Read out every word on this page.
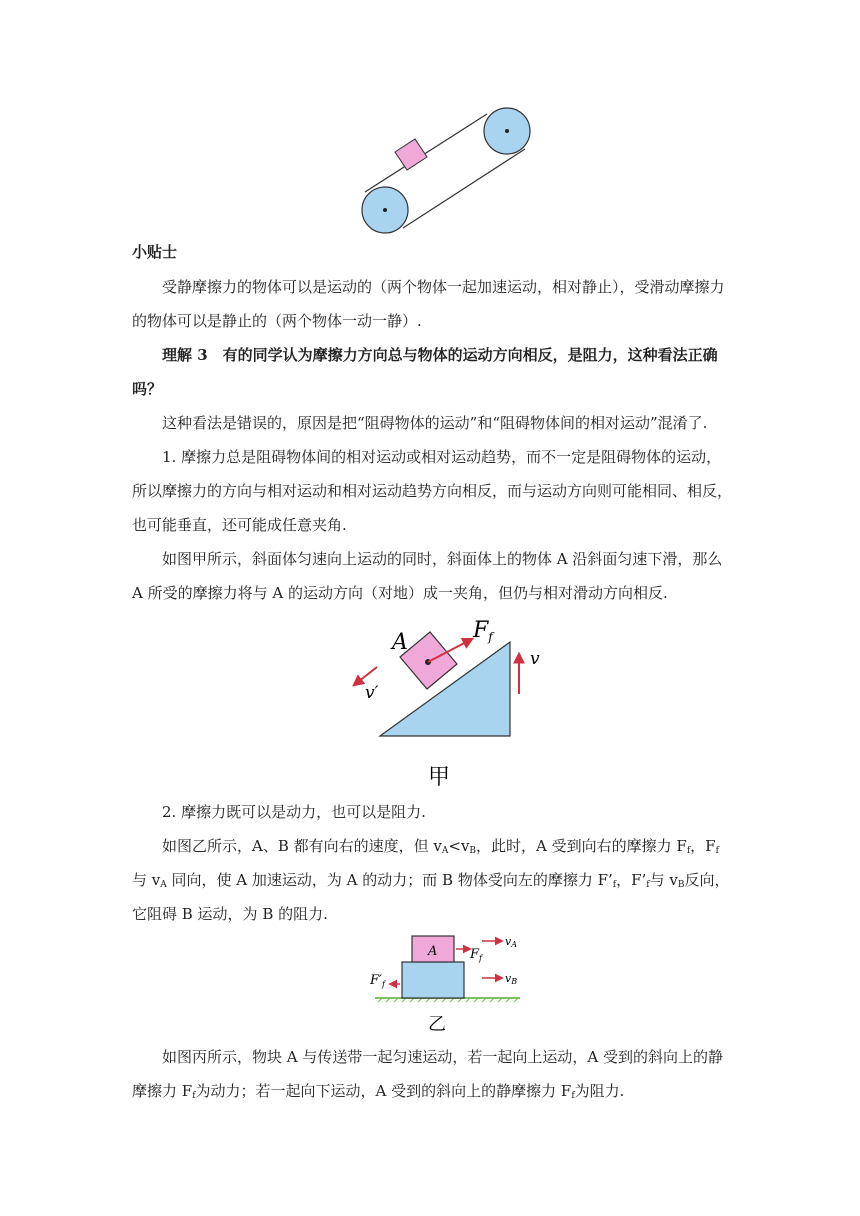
小贴士

受静摩擦力的物体可以是运动的（两个物体一起加速运动，相对静止），受滑动摩擦力的物体可以是静止的（两个物体一动一静）.

理解 3　有的同学认为摩擦力方向总与物体的运动方向相反，是阻力，这种看法正确吗？

这种看法是错误的，原因是把“阻碍物体的运动”和“阻碍物体间的相对运动”混淆了.

1. 摩擦力总是阻碍物体间的相对运动或相对运动趋势，而不一定是阻碍物体的运动，所以摩擦力的方向与相对运动和相对运动趋势方向相反，而与运动方向则可能相同、相反，也可能垂直，还可能成任意夹角.

如图甲所示，斜面体匀速向上运动的同时，斜面体上的物体 A 沿斜面匀速下滑，那么 A 所受的摩擦力将与 A 的运动方向（对地）成一夹角，但仍与相对滑动方向相反.

A	Ff
v
v′
甲

2. 摩擦力既可以是动力，也可以是阻力.

如图乙所示，A、B 都有向右的速度，但 $v_A<v_B$，此时，A 受到向右的摩擦力 $F_f$，$F_f$与 $v_A$ 同向，使 A 加速运动，为 A 的动力；而 B 物体受向左的摩擦力 $F’_f$，$F’_f$与 $v_B$反向，它阻碍 B 运动，为 B 的阻力.

A
vA
$F_f$
vB
$F'_f$
乙

如图丙所示，物块 A 与传送带一起匀速运动，若一起向上运动，A 受到的斜向上的静摩擦力 $F_f$为动力；若一起向下运动，A 受到的斜向上的静摩擦力 $F_f$为阻力.
